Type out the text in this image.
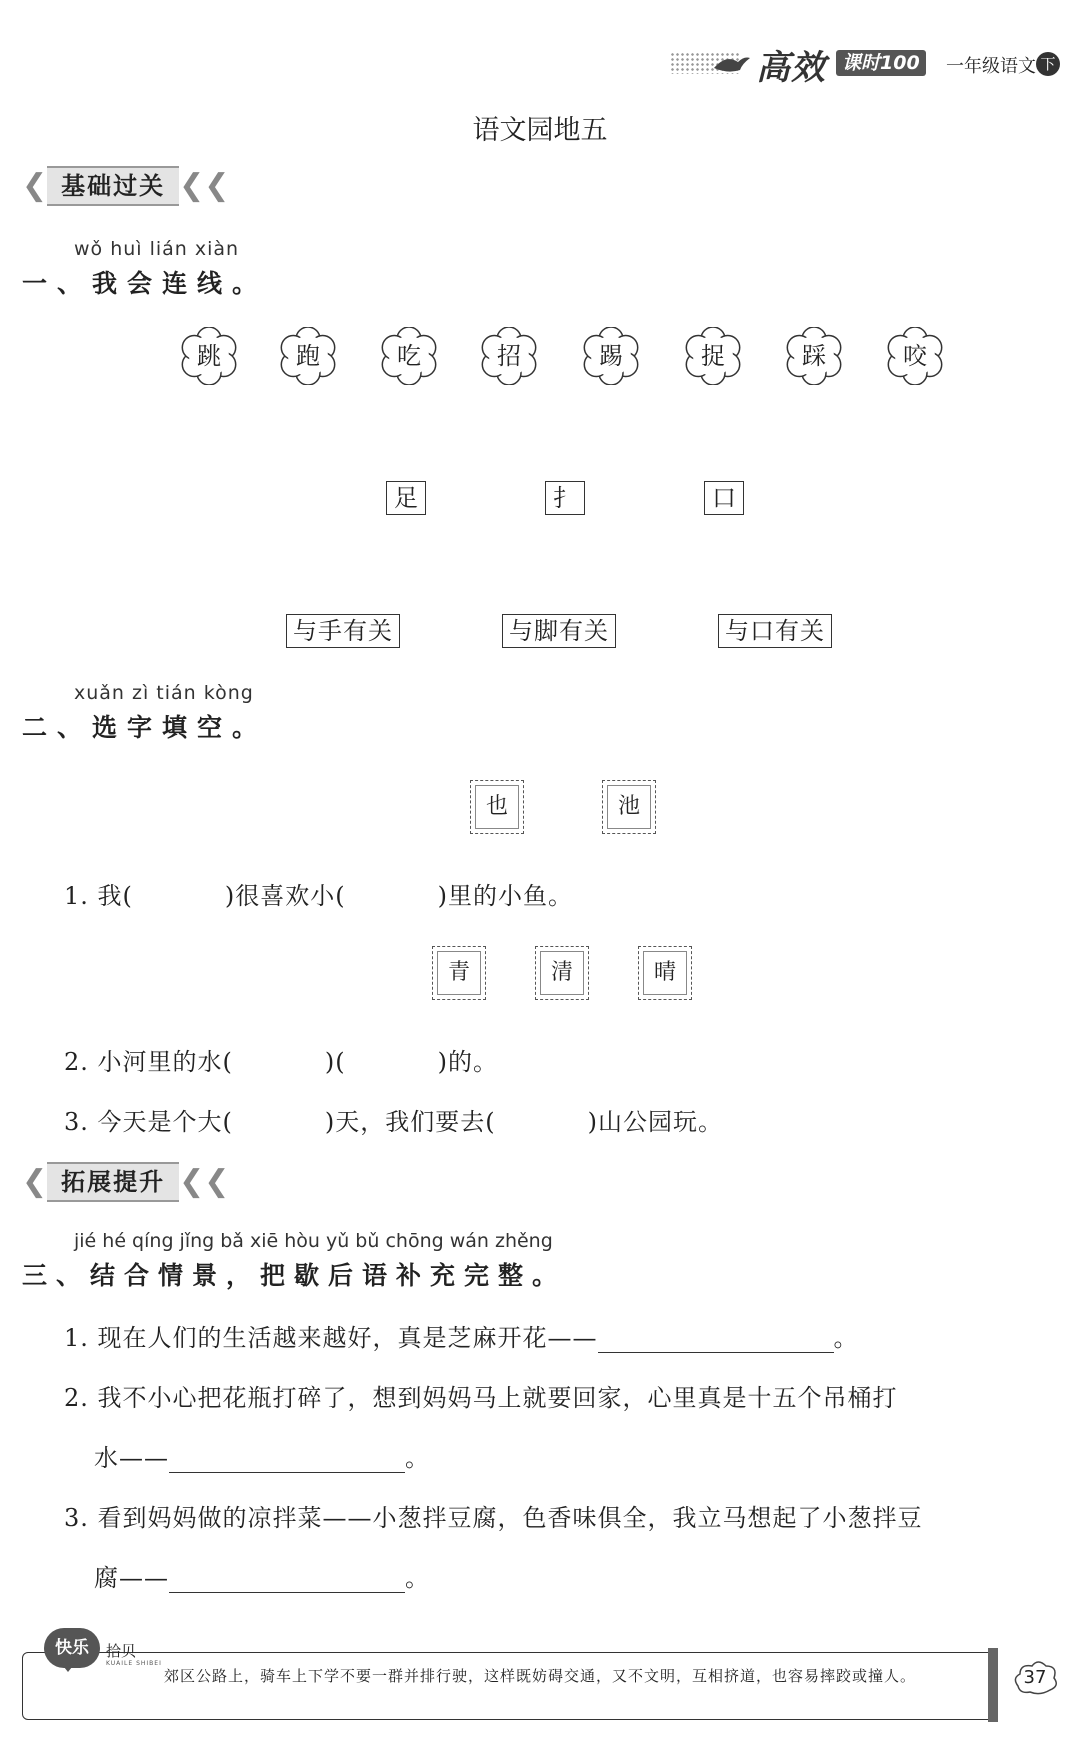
高效 课时100	一年级语文 下
语文园地五
❮ 基础过关 ❮❮
wǒ huì lián xiàn
一、我会连线。
跳	跑	吃	招	踢	捉	踩	咬
足	扌	口
与手有关	与脚有关	与口有关
xuǎn zì tián kòng
二、选字填空。
也	池
1. 我(	)很喜欢小(	)里的小鱼。
青	清	晴
2. 小河里的水(	)(	)的。
3. 今天是个大(	)天，我们要去(	)山公园玩。
❮ 拓展提升 ❮❮
jié hé qíng jǐng bǎ xiē hòu yǔ bǔ chōng wán zhěng
三、结合情景，把歇后语补充完整。
1. 现在人们的生活越来越好，真是芝麻开花——	。
2. 我不小心把花瓶打碎了，想到妈妈马上就要回家，心里真是十五个吊桶打
水——	。
3. 看到妈妈做的凉拌菜——小葱拌豆腐，色香味俱全，我立马想起了小葱拌豆
腐——	。
快乐	拾贝
KUAILE SHIBEI
郊区公路上，骑车上下学不要一群并排行驶，这样既妨碍交通，又不文明，互相挤道，也容易摔跤或撞人。	37
